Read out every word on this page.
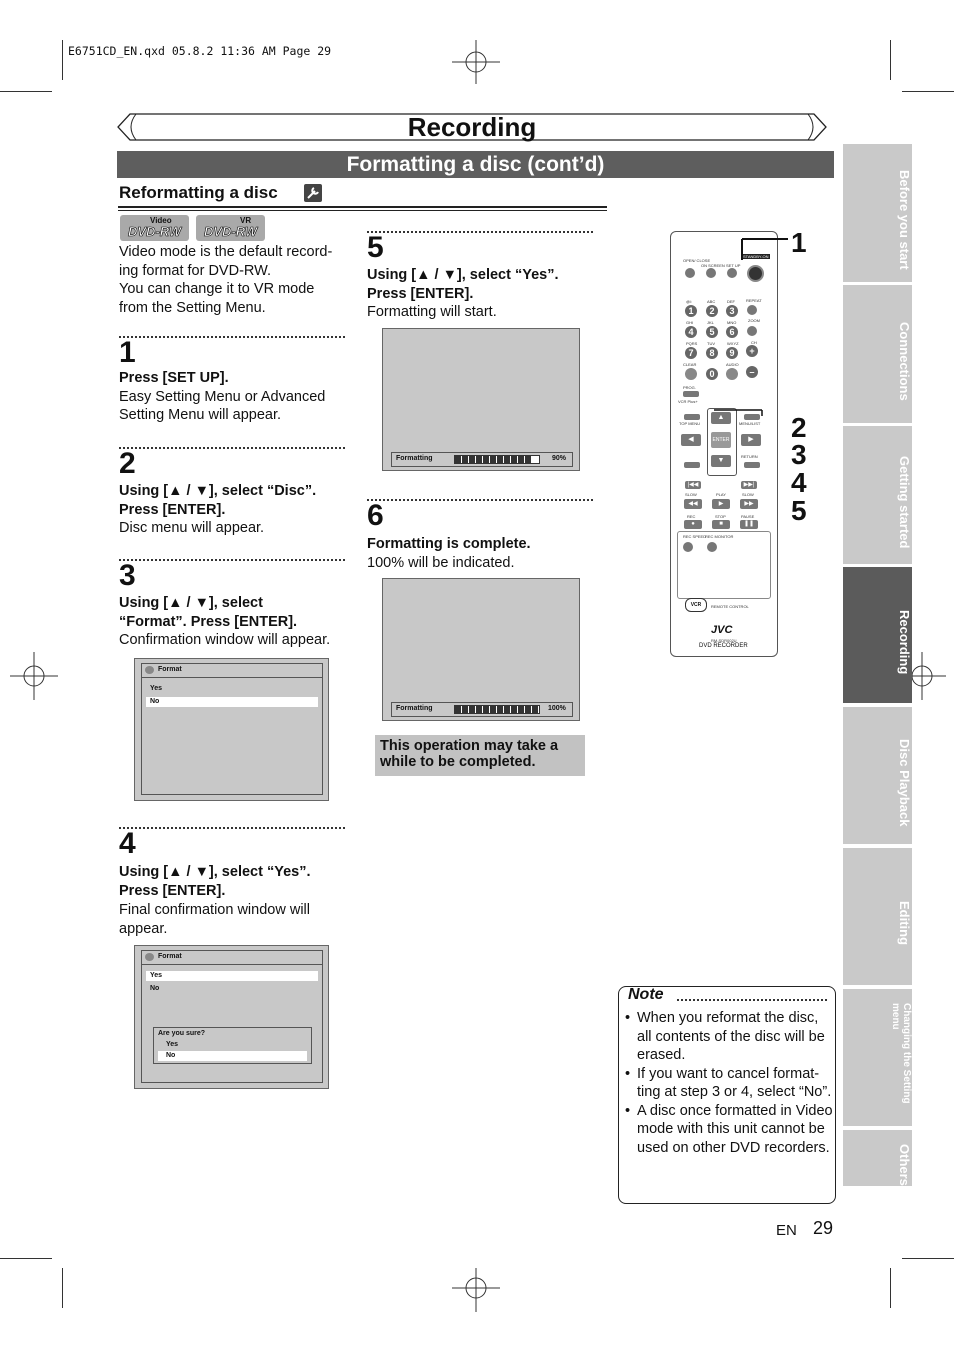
E6751CD_EN.qxd 05.8.2 11:36 AM Page 29
Recording
Formatting a disc (cont’d)
Reformatting a disc
Video
DVD-RW
VR
DVD-RW
Video mode is the default record-
ing format for DVD-RW.
You can change it to VR mode
from the Setting Menu.
1
Press [SET UP].
Easy Setting Menu or Advanced
Setting Menu will appear.
2
Using [▲ / ▼], select “Disc”.
Press [ENTER].
Disc menu will appear.
3
Using [▲ / ▼], select
“Format”. Press [ENTER].
Confirmation window will appear.
Format
Yes
No
4
Using [▲ / ▼], select “Yes”.
Press [ENTER].
Final confirmation window will
appear.
Format
Yes
No
Are you sure?
Yes
No
5
Using [▲ / ▼], select “Yes”.
Press [ENTER].
Formatting will start.
Formatting	90%
6
Formatting is complete.
100% will be indicated.
Formatting	100%
This operation may take a
while to be completed.
OPEN/ CLOSE
ON SCREEN SET UP
STANDBY-ON
REPEAT
ZOOM
CH
CLEAR	AUDIO
+
–
PROG.
VCR Plus+
TOP MENU	MENU/LIST
▲
◀	ENTER	▶
▼
RETURN
|◀◀	▶▶|
SLOW	PLAY	SLOW
◀◀	▶	▶▶
REC	STOP	PAUSE
●	■	❚❚
REC SPEED
REC MONITOR
VCR	REMOTE CONTROL
JVC
RM-SDR002U
DVD RECORDER
@/:
1
ABC
2
DEF
3
GHI
4
JKL
5
MNO
6
PQRS
7
TUV
8
WXYZ
9
0
1
2
3
4
5
Before you start
Connections
Getting started
Recording
Disc Playback
Editing
Changing the Setting menu
Others
Note
• When you reformat the disc, all contents of the disc will be erased.
• If you want to cancel format-ting at step 3 or 4, select “No”.
• A disc once formatted in Video mode with this unit cannot be used on other DVD recorders.
EN 29
